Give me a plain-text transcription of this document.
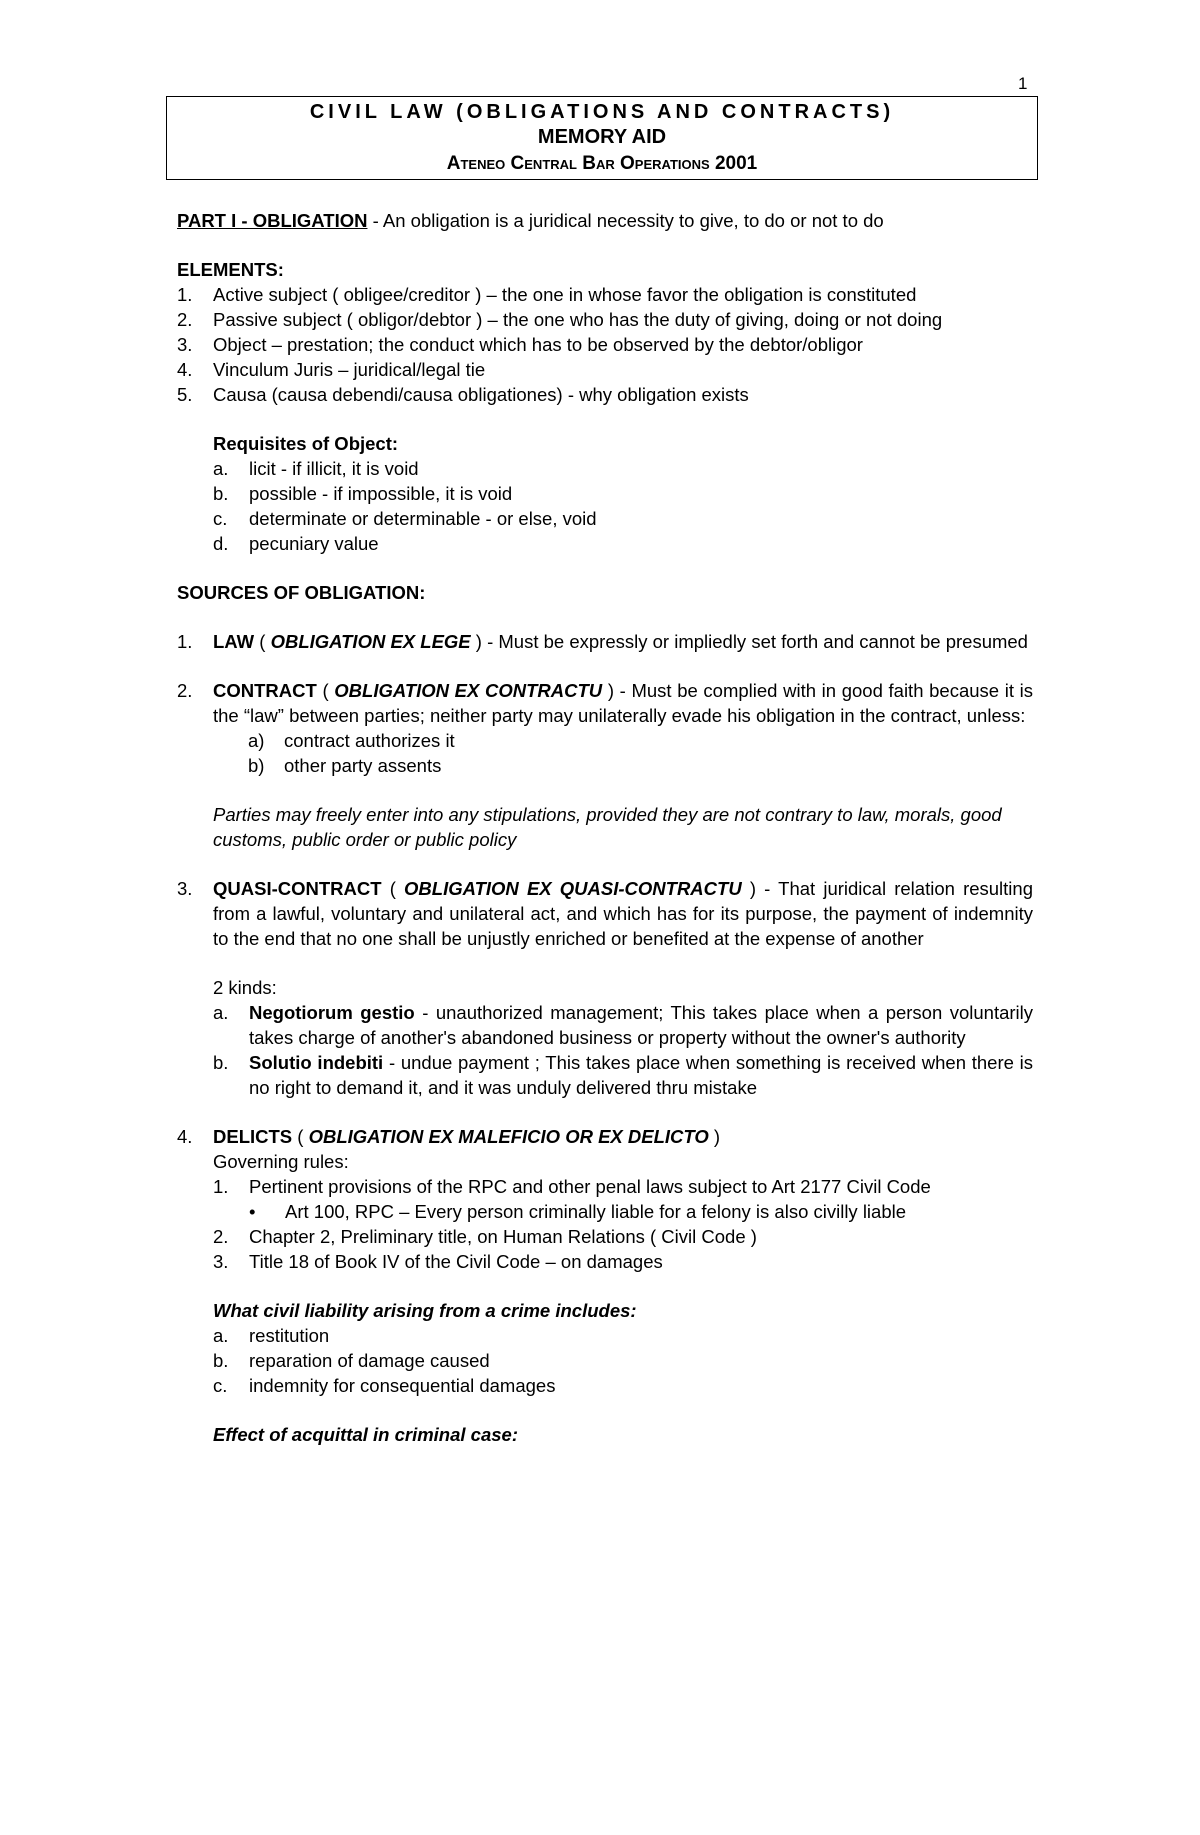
1
CIVIL LAW (OBLIGATIONS AND CONTRACTS)
MEMORY AID
Ateneo Central Bar Operations 2001

PART I - OBLIGATION - An obligation is a juridical necessity to give, to do or not to do

ELEMENTS:

1.	Active subject ( obligee/creditor ) – the one in whose favor the obligation is constituted
2.	Passive subject ( obligor/debtor ) – the one who has the duty of giving, doing or not doing
3.	Object – prestation; the conduct which has to be observed by the debtor/obligor
4.	Vinculum Juris – juridical/legal tie
5.	Causa (causa debendi/causa obligationes) - why obligation exists

Requisites of Object:

a.	licit - if illicit, it is void
b.	possible - if impossible, it is void
c.	determinate or determinable - or else, void
d.	pecuniary value

SOURCES OF OBLIGATION:

1.	LAW ( OBLIGATION EX LEGE ) - Must be expressly or impliedly set forth and cannot be presumed
2.	CONTRACT ( OBLIGATION EX CONTRACTU ) - Must be complied with in good faith because it is the “law” between parties; neither party may unilaterally evade his obligation in the contract, unless:
a)	contract authorizes it
b)	other party assents

Parties may freely enter into any stipulations, provided they are not contrary to law, morals, good customs, public order or public policy

3.	QUASI-CONTRACT ( OBLIGATION EX QUASI-CONTRACTU ) - That juridical relation resulting from a lawful, voluntary and unilateral act, and which has for its purpose, the payment of indemnity to the end that no one shall be unjustly enriched or benefited at the expense of another

2 kinds:

a.	Negotiorum gestio - unauthorized management; This takes place when a person voluntarily takes charge of another's abandoned business or property without the owner's authority
b.	Solutio indebiti - undue payment ; This takes place when something is received when there is no right to demand it, and it was unduly delivered thru mistake
4.	DELICTS ( OBLIGATION EX MALEFICIO OR EX DELICTO )

Governing rules:

1.	Pertinent provisions of the RPC and other penal laws subject to Art 2177 Civil Code
•	Art 100, RPC – Every person criminally liable for a felony is also civilly liable
2.	Chapter 2, Preliminary title, on Human Relations ( Civil Code )
3.	Title 18 of Book IV of the Civil Code – on damages

What civil liability arising from a crime includes:

a.	restitution
b.	reparation of damage caused
c.	indemnity for consequential damages

Effect of acquittal in criminal case:
